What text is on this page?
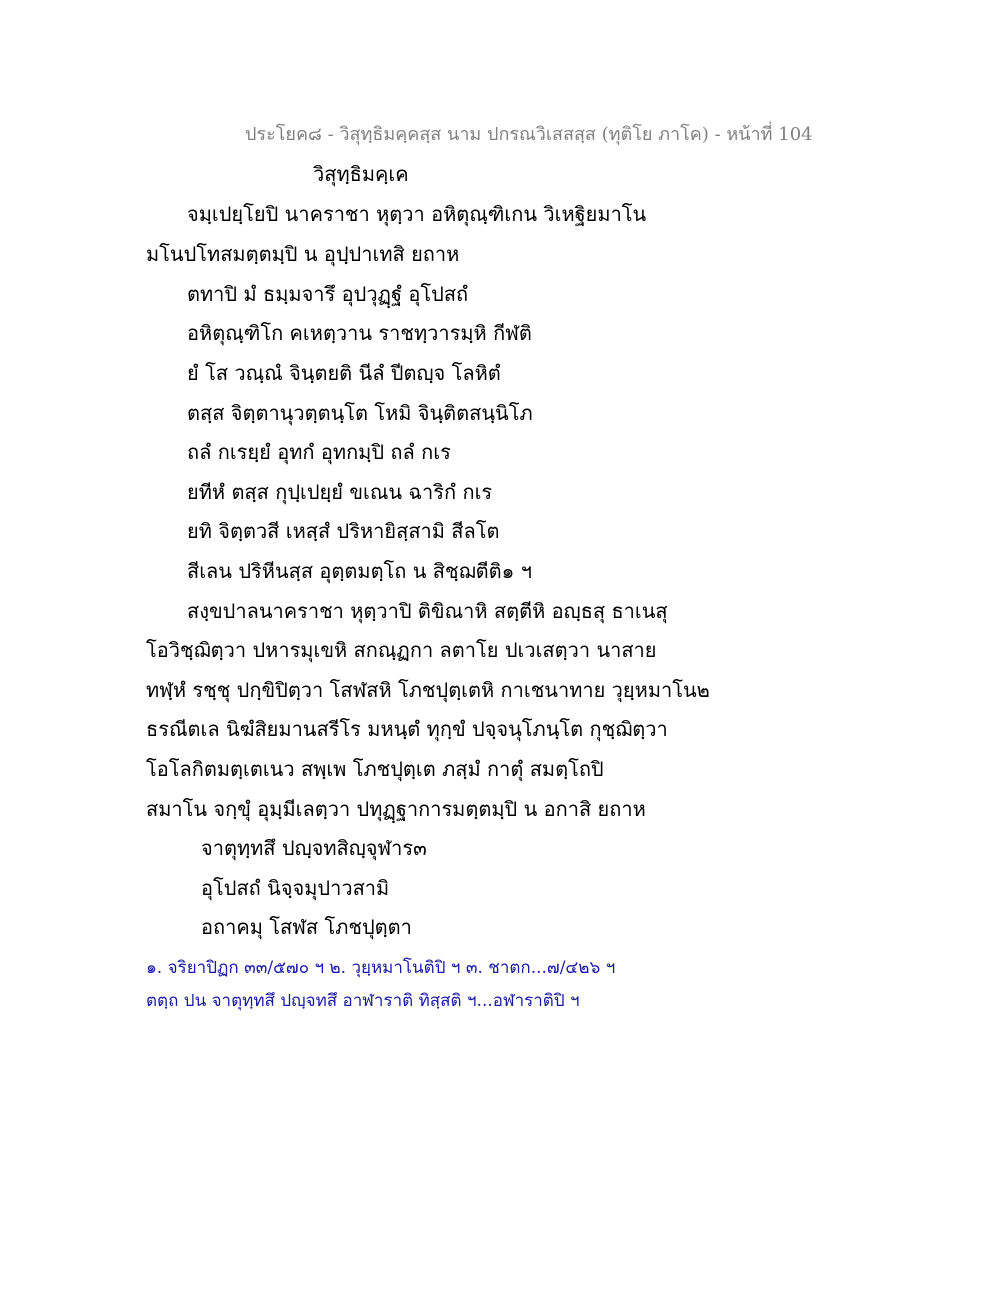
ประโยค๘ - วิสุทฺธิมคฺคสฺส นาม ปกรณวิเสสสฺส (ทุติโย ภาโค) - หน้าที่ 104
วิสุทฺธิมคฺเค
จมฺเปยฺโยปิ นาคราชา หุตฺวา อหิตุณฺฑิเกน วิเหฐิยมาโน
มโนปโทสมตฺตมฺปิ น อุปฺปาเทสิ ยถาห
ตทาปิ มํ ธมฺมจารึ อุปวุฏฺฐํ อุโปสถํ
อหิตุณฺฑิโก คเหตฺวาน ราชทฺวารมฺหิ กีฬติ
ยํ โส วณฺณํ จินฺตยติ นีลํ ปีตญฺจ โลหิตํ
ตสฺส จิตฺตานุวตฺตนฺโต โหมิ จินฺติตสนฺนิโภ
ถลํ กเรยฺยํ อุทกํ อุทกมฺปิ ถลํ กเร
ยทีหํ ตสฺส กุปฺเปยฺยํ ขเณน ฉาริกํ กเร
ยทิ จิตฺตวสี เหสฺสํ ปริหายิสฺสามิ สีลโต
สีเลน ปริหีนสฺส อุตฺตมตฺโถ น สิชฺฌตีติ๑ ฯ
สงฺขปาลนาคราชา หุตฺวาปิ ติขิณาหิ สตฺตีหิ อญฺธสุ ธาเนสุ
โอวิชฺฌิตฺวา ปหารมุเขหิ สกณฺฏกา ลตาโย ปเวเสตฺวา นาสาย
ทฬฺหํ รชฺชุ ปกฺขิปิตฺวา โสฬสหิ โภชปุตฺเตหิ กาเชนาทาย วุยฺหมาโน๒
ธรณีตเล นิฆํสิยมานสรีโร มหนฺตํ ทุกฺขํ ปจฺจนุโภนฺโต กุชฺฌิตฺวา
โอโลกิตมตฺเตเนว สพฺเพ โภชปุตฺเต ภสฺมํ กาตุํ สมตฺโถปิ
สมาโน จกฺขุํ อุมฺมีเลตฺวา ปทุฏฺฐาการมตฺตมฺปิ น อกาสิ ยถาห
จาตุทฺทสึ ปญฺจทสิญฺจุฬาร๓
อุโปสถํ นิจฺจมุปาวสามิ
อถาคมุ โสฬส โภชปุตฺตา
๑. จริยาปิฏก ๓๓/๕๗๐ ฯ ๒. วุยฺหมาโนติปิ ฯ ๓. ชาตก...๗/๔๒๖ ฯ
ตตฺถ ปน จาตุทฺทสึ ปญฺจทสึ อาฬาราติ ทิสฺสติ ฯ...อฬาราติปิ ฯ
